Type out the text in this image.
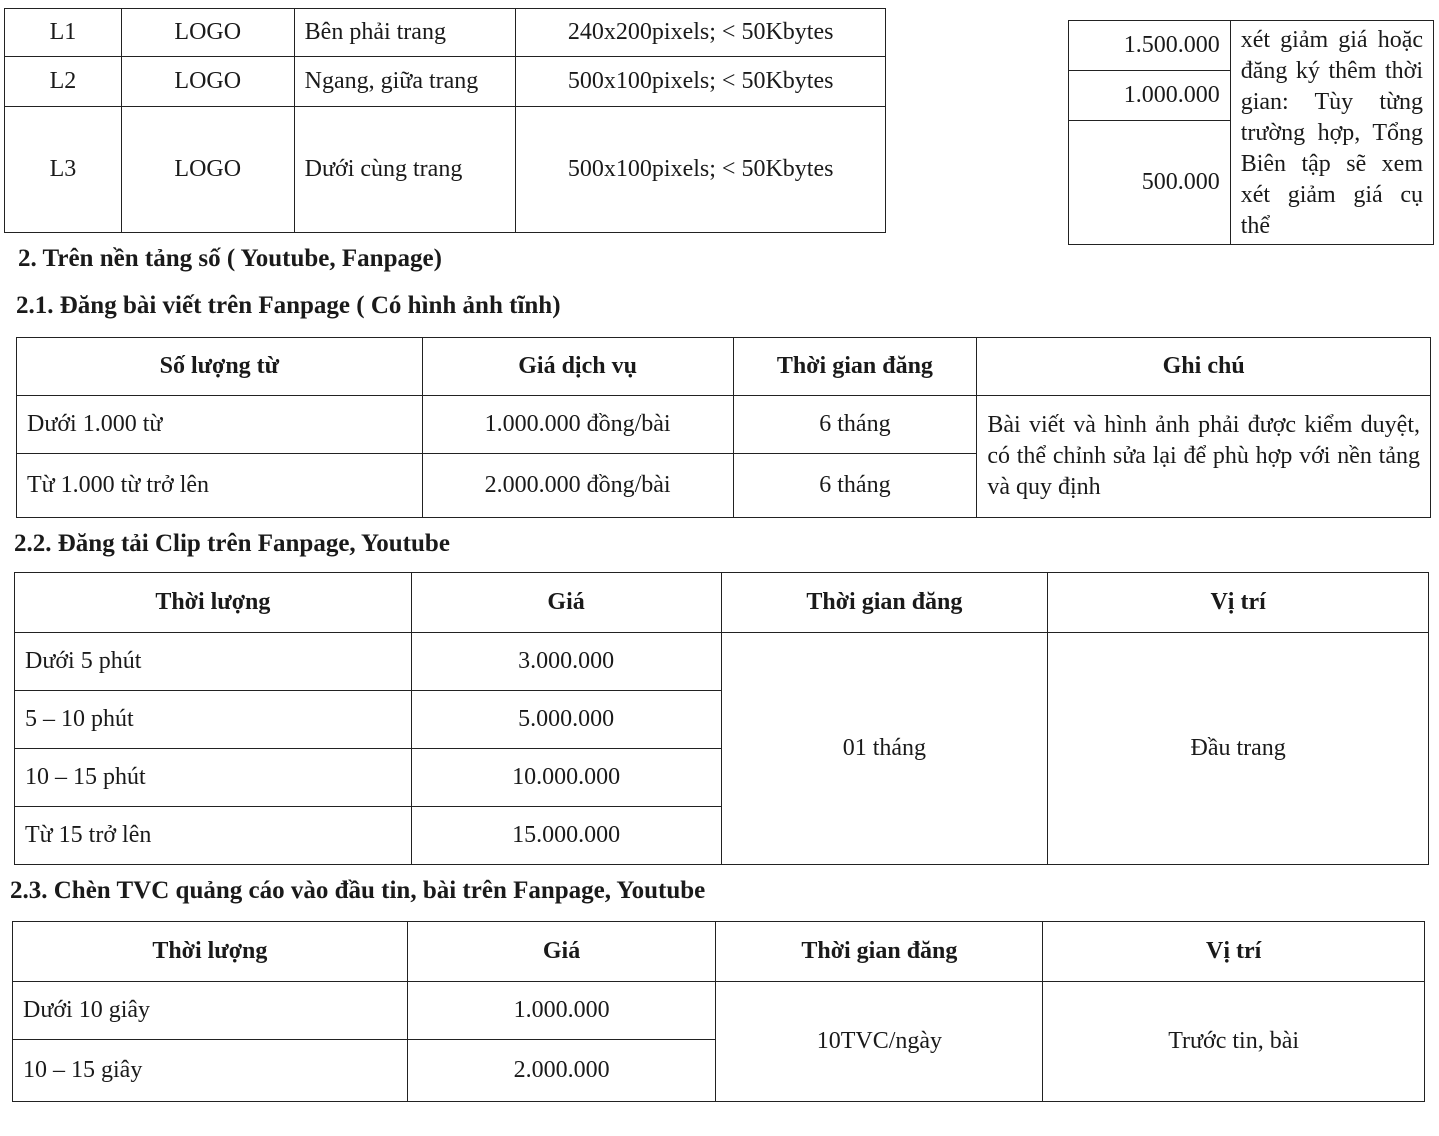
L1	LOGO	Bên phải trang	240x200pixels; < 50Kbytes
L2	LOGO	Ngang, giữa trang	500x100pixels; < 50Kbytes
L3	LOGO	Dưới cùng trang	500x100pixels; < 50Kbytes
1.500.000	xét giảm giá hoặc đăng ký thêm thời gian: Tùy từng trường hợp, Tổng Biên tập sẽ xem xét giảm giá cụ thể
1.000.000
500.000
2. Trên nền tảng số ( Youtube, Fanpage)
2.1. Đăng bài viết trên Fanpage ( Có hình ảnh tĩnh)
Số lượng từ	Giá dịch vụ	Thời gian đăng	Ghi chú
Dưới 1.000 từ	1.000.000 đồng/bài	6 tháng	Bài viết và hình ảnh phải được kiểm duyệt, có thể chỉnh sửa lại để phù hợp với nền tảng và quy định
Từ 1.000 từ trở lên	2.000.000 đồng/bài	6 tháng	
2.2. Đăng tải Clip trên Fanpage, Youtube
Thời lượng	Giá	Thời gian đăng	Vị trí
Dưới 5 phút	3.000.000	01 tháng	Đầu trang
5 – 10 phút	5.000.000		
10 – 15 phút	10.000.000		
Từ 15 trở lên	15.000.000		
2.3. Chèn TVC quảng cáo vào đầu tin, bài trên Fanpage, Youtube
Thời lượng	Giá	Thời gian đăng	Vị trí
Dưới 10 giây	1.000.000	10TVC/ngày	Trước tin, bài
10 – 15 giây	2.000.000		
